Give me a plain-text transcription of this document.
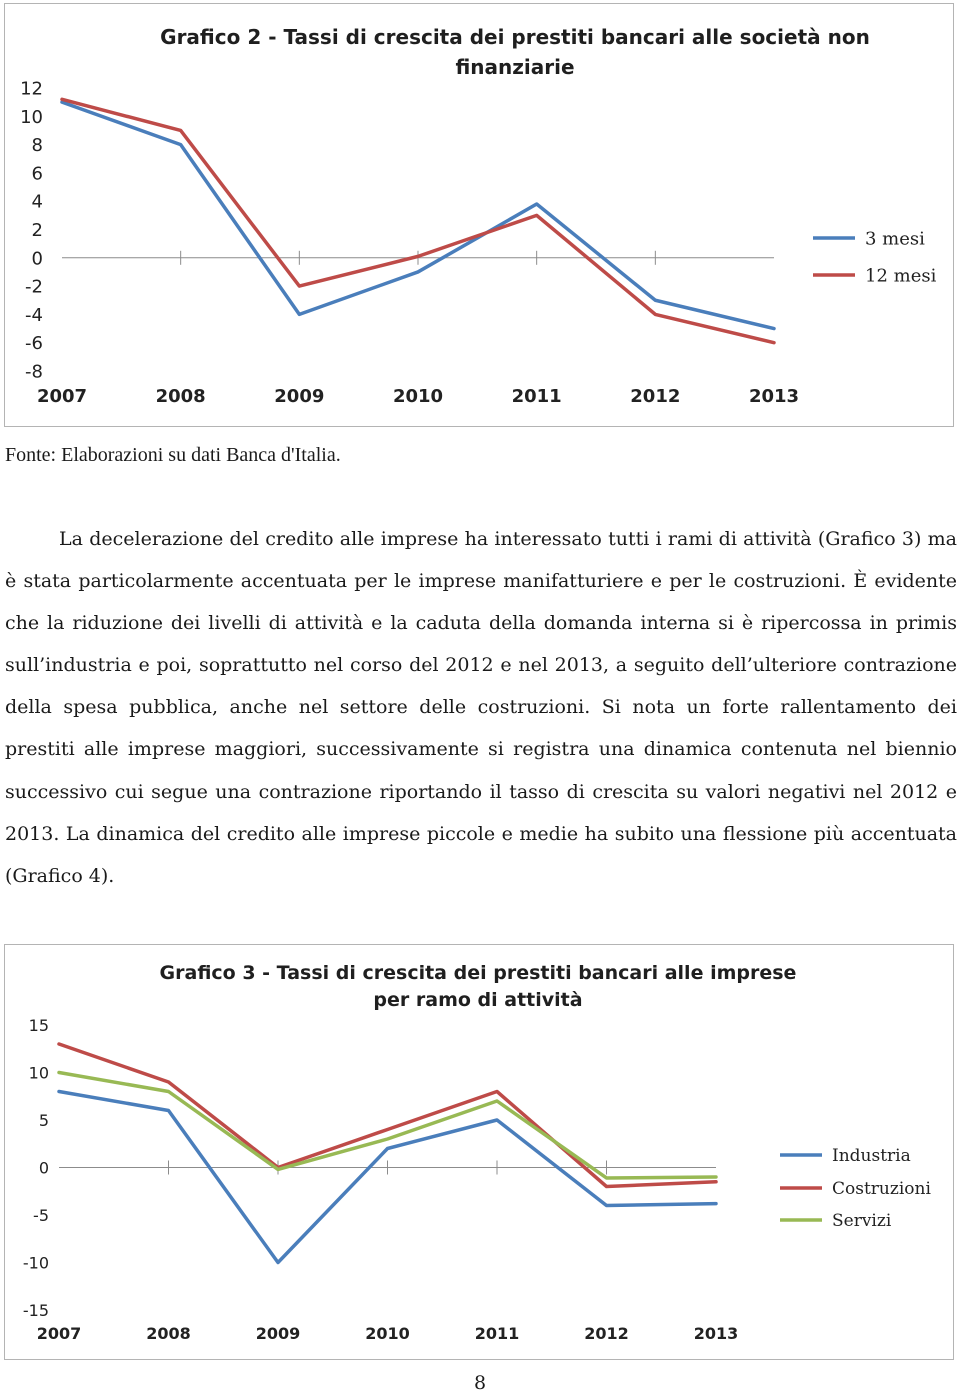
Grafico 2 - Tassi di crescita dei prestiti bancari alle società non
finanziarie
12
10
8
6
4
2
0
-2
-4
-6
-8
2007	2008	2009	2010	2011	2012	2013
3 mesi
12 mesi
Fonte: Elaborazioni su dati Banca d'Italia.

La decelerazione del credito alle imprese ha interessato tutti i rami di attività (Grafico 3) ma è stata particolarmente accentuata per le imprese manifatturiere e per le costruzioni. È evidente che la riduzione dei livelli di attività e la caduta della domanda interna si è ripercossa in primis sull’industria e poi, soprattutto nel corso del 2012 e nel 2013, a seguito dell’ulteriore contrazione della spesa pubblica, anche nel settore delle costruzioni. Si nota un forte rallentamento dei prestiti alle imprese maggiori, successivamente si registra una dinamica contenuta nel biennio successivo cui segue una contrazione riportando il tasso di crescita su valori negativi nel 2012 e 2013. La dinamica del credito alle imprese piccole e medie ha subito una flessione più accentuata (Grafico 4).

Grafico 3 - Tassi di crescita dei prestiti bancari alle imprese
per ramo di attività
15
10
5
0
-5
-10
-15
2007	2008	2009	2010	2011	2012	2013
Industria
Costruzioni
Servizi
8
